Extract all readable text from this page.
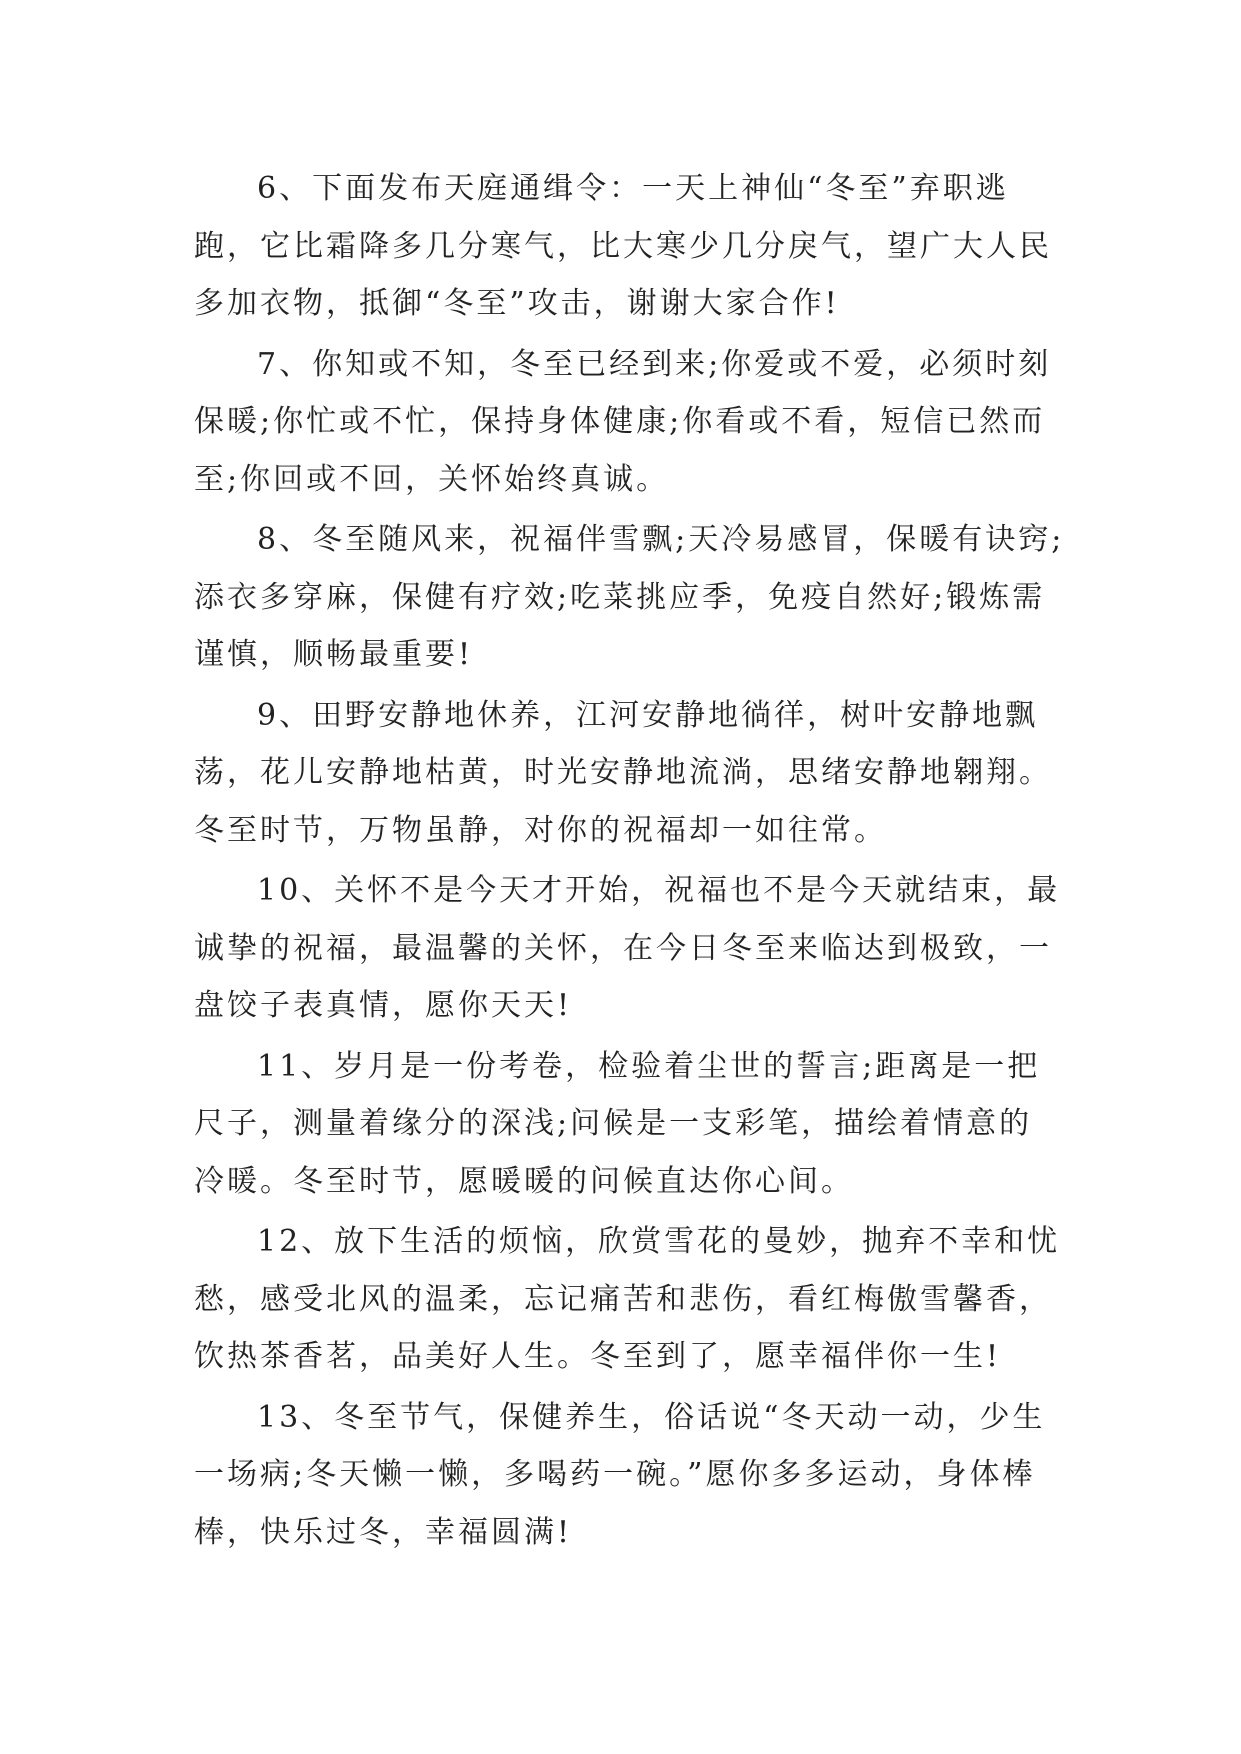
6、下面发布天庭通缉令：一天上神仙“冬至”弃职逃
跑，它比霜降多几分寒气，比大寒少几分戾气，望广大人民
多加衣物，抵御“冬至”攻击，谢谢大家合作!
7、你知或不知，冬至已经到来;你爱或不爱，必须时刻
保暖;你忙或不忙，保持身体健康;你看或不看，短信已然而
至;你回或不回，关怀始终真诚。
8、冬至随风来，祝福伴雪飘;天冷易感冒，保暖有诀窍;
添衣多穿麻，保健有疗效;吃菜挑应季，免疫自然好;锻炼需
谨慎，顺畅最重要!
9、田野安静地休养，江河安静地徜徉，树叶安静地飘
荡，花儿安静地枯黄，时光安静地流淌，思绪安静地翱翔。
冬至时节，万物虽静，对你的祝福却一如往常。
10、关怀不是今天才开始，祝福也不是今天就结束，最
诚挚的祝福，最温馨的关怀，在今日冬至来临达到极致，一
盘饺子表真情，愿你天天!
11、岁月是一份考卷，检验着尘世的誓言;距离是一把
尺子，测量着缘分的深浅;问候是一支彩笔，描绘着情意的
冷暖。冬至时节，愿暖暖的问候直达你心间。
12、放下生活的烦恼，欣赏雪花的曼妙，抛弃不幸和忧
愁，感受北风的温柔，忘记痛苦和悲伤，看红梅傲雪馨香，
饮热茶香茗，品美好人生。冬至到了，愿幸福伴你一生!
13、冬至节气，保健养生，俗话说“冬天动一动，少生
一场病;冬天懒一懒，多喝药一碗。”愿你多多运动，身体棒
棒，快乐过冬，幸福圆满!
